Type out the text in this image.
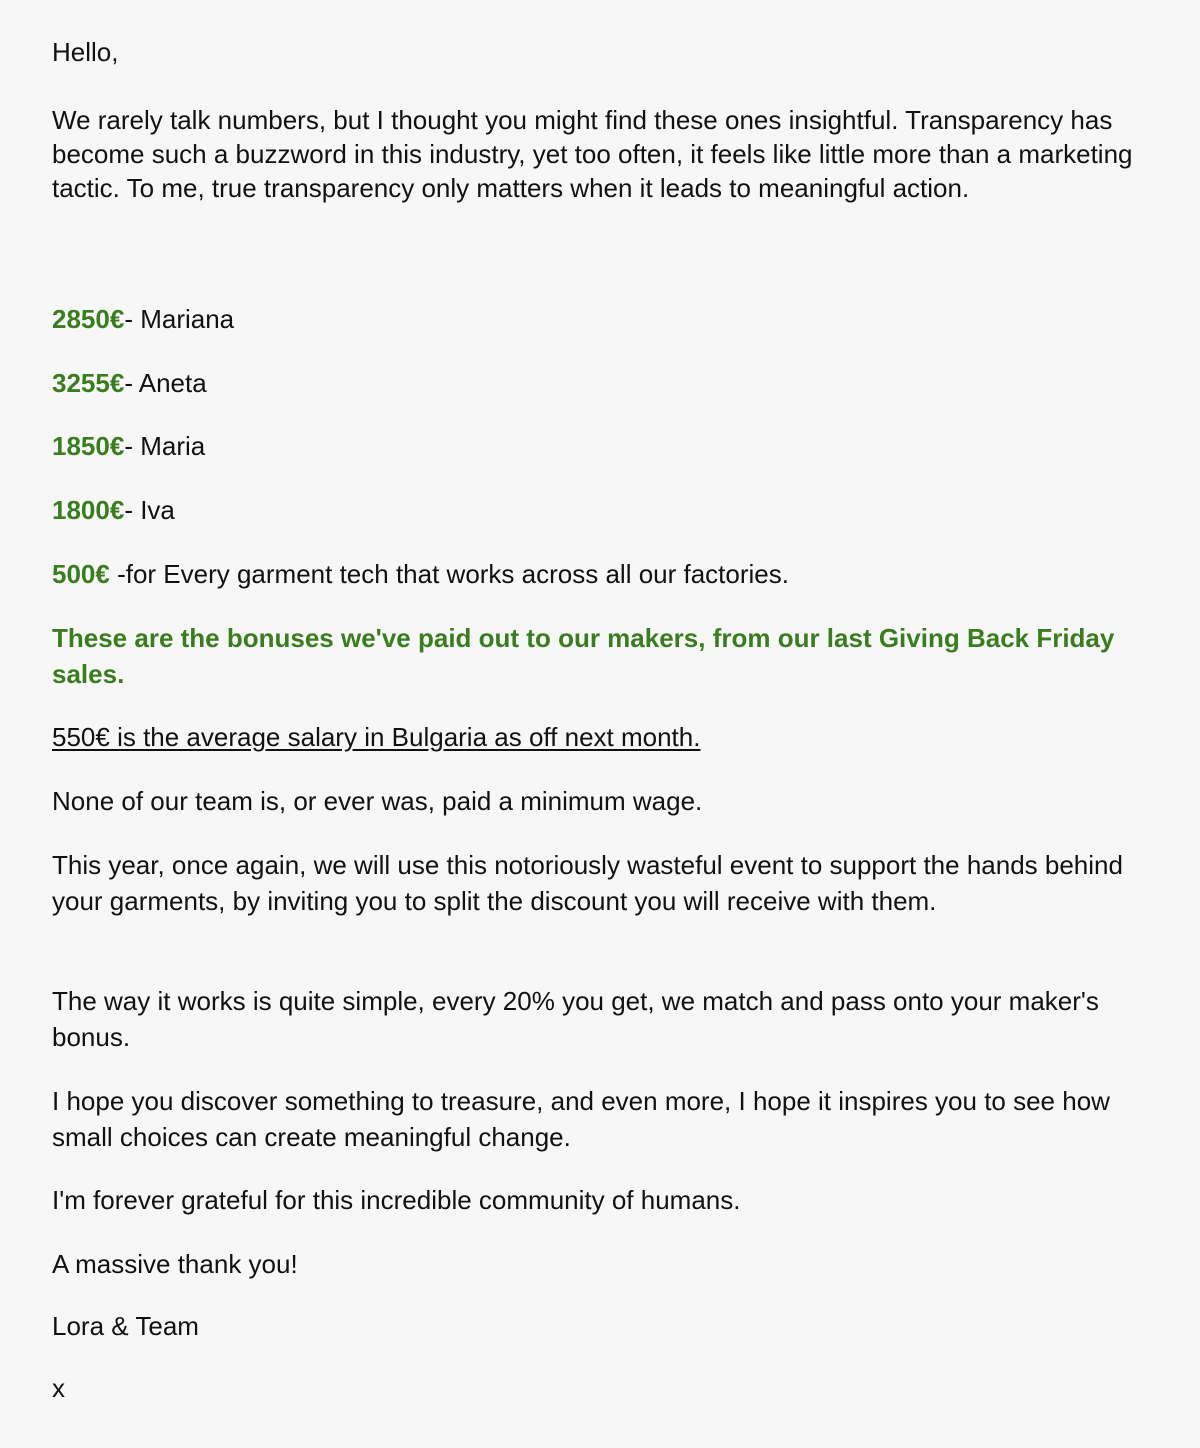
Hello,

We rarely talk numbers, but I thought you might find these ones insightful. Transparency has become such a buzzword in this industry, yet too often, it feels like little more than a marketing tactic. To me, true transparency only matters when it leads to meaningful action.

2850€- Mariana

3255€- Aneta

1850€- Maria

1800€- Iva

500€ -for Every garment tech that works across all our factories.

These are the bonuses we've paid out to our makers, from our last Giving Back Friday sales.

550€ is the average salary in Bulgaria as off next month.

None of our team is, or ever was, paid a minimum wage.

This year, once again, we will use this notoriously wasteful event to support the hands behind your garments, by inviting you to split the discount you will receive with them.

The way it works is quite simple, every 20% you get, we match and pass onto your maker's bonus.

I hope you discover something to treasure, and even more, I hope it inspires you to see how small choices can create meaningful change.

I'm forever grateful for this incredible community of humans.

A massive thank you!

Lora & Team

x
